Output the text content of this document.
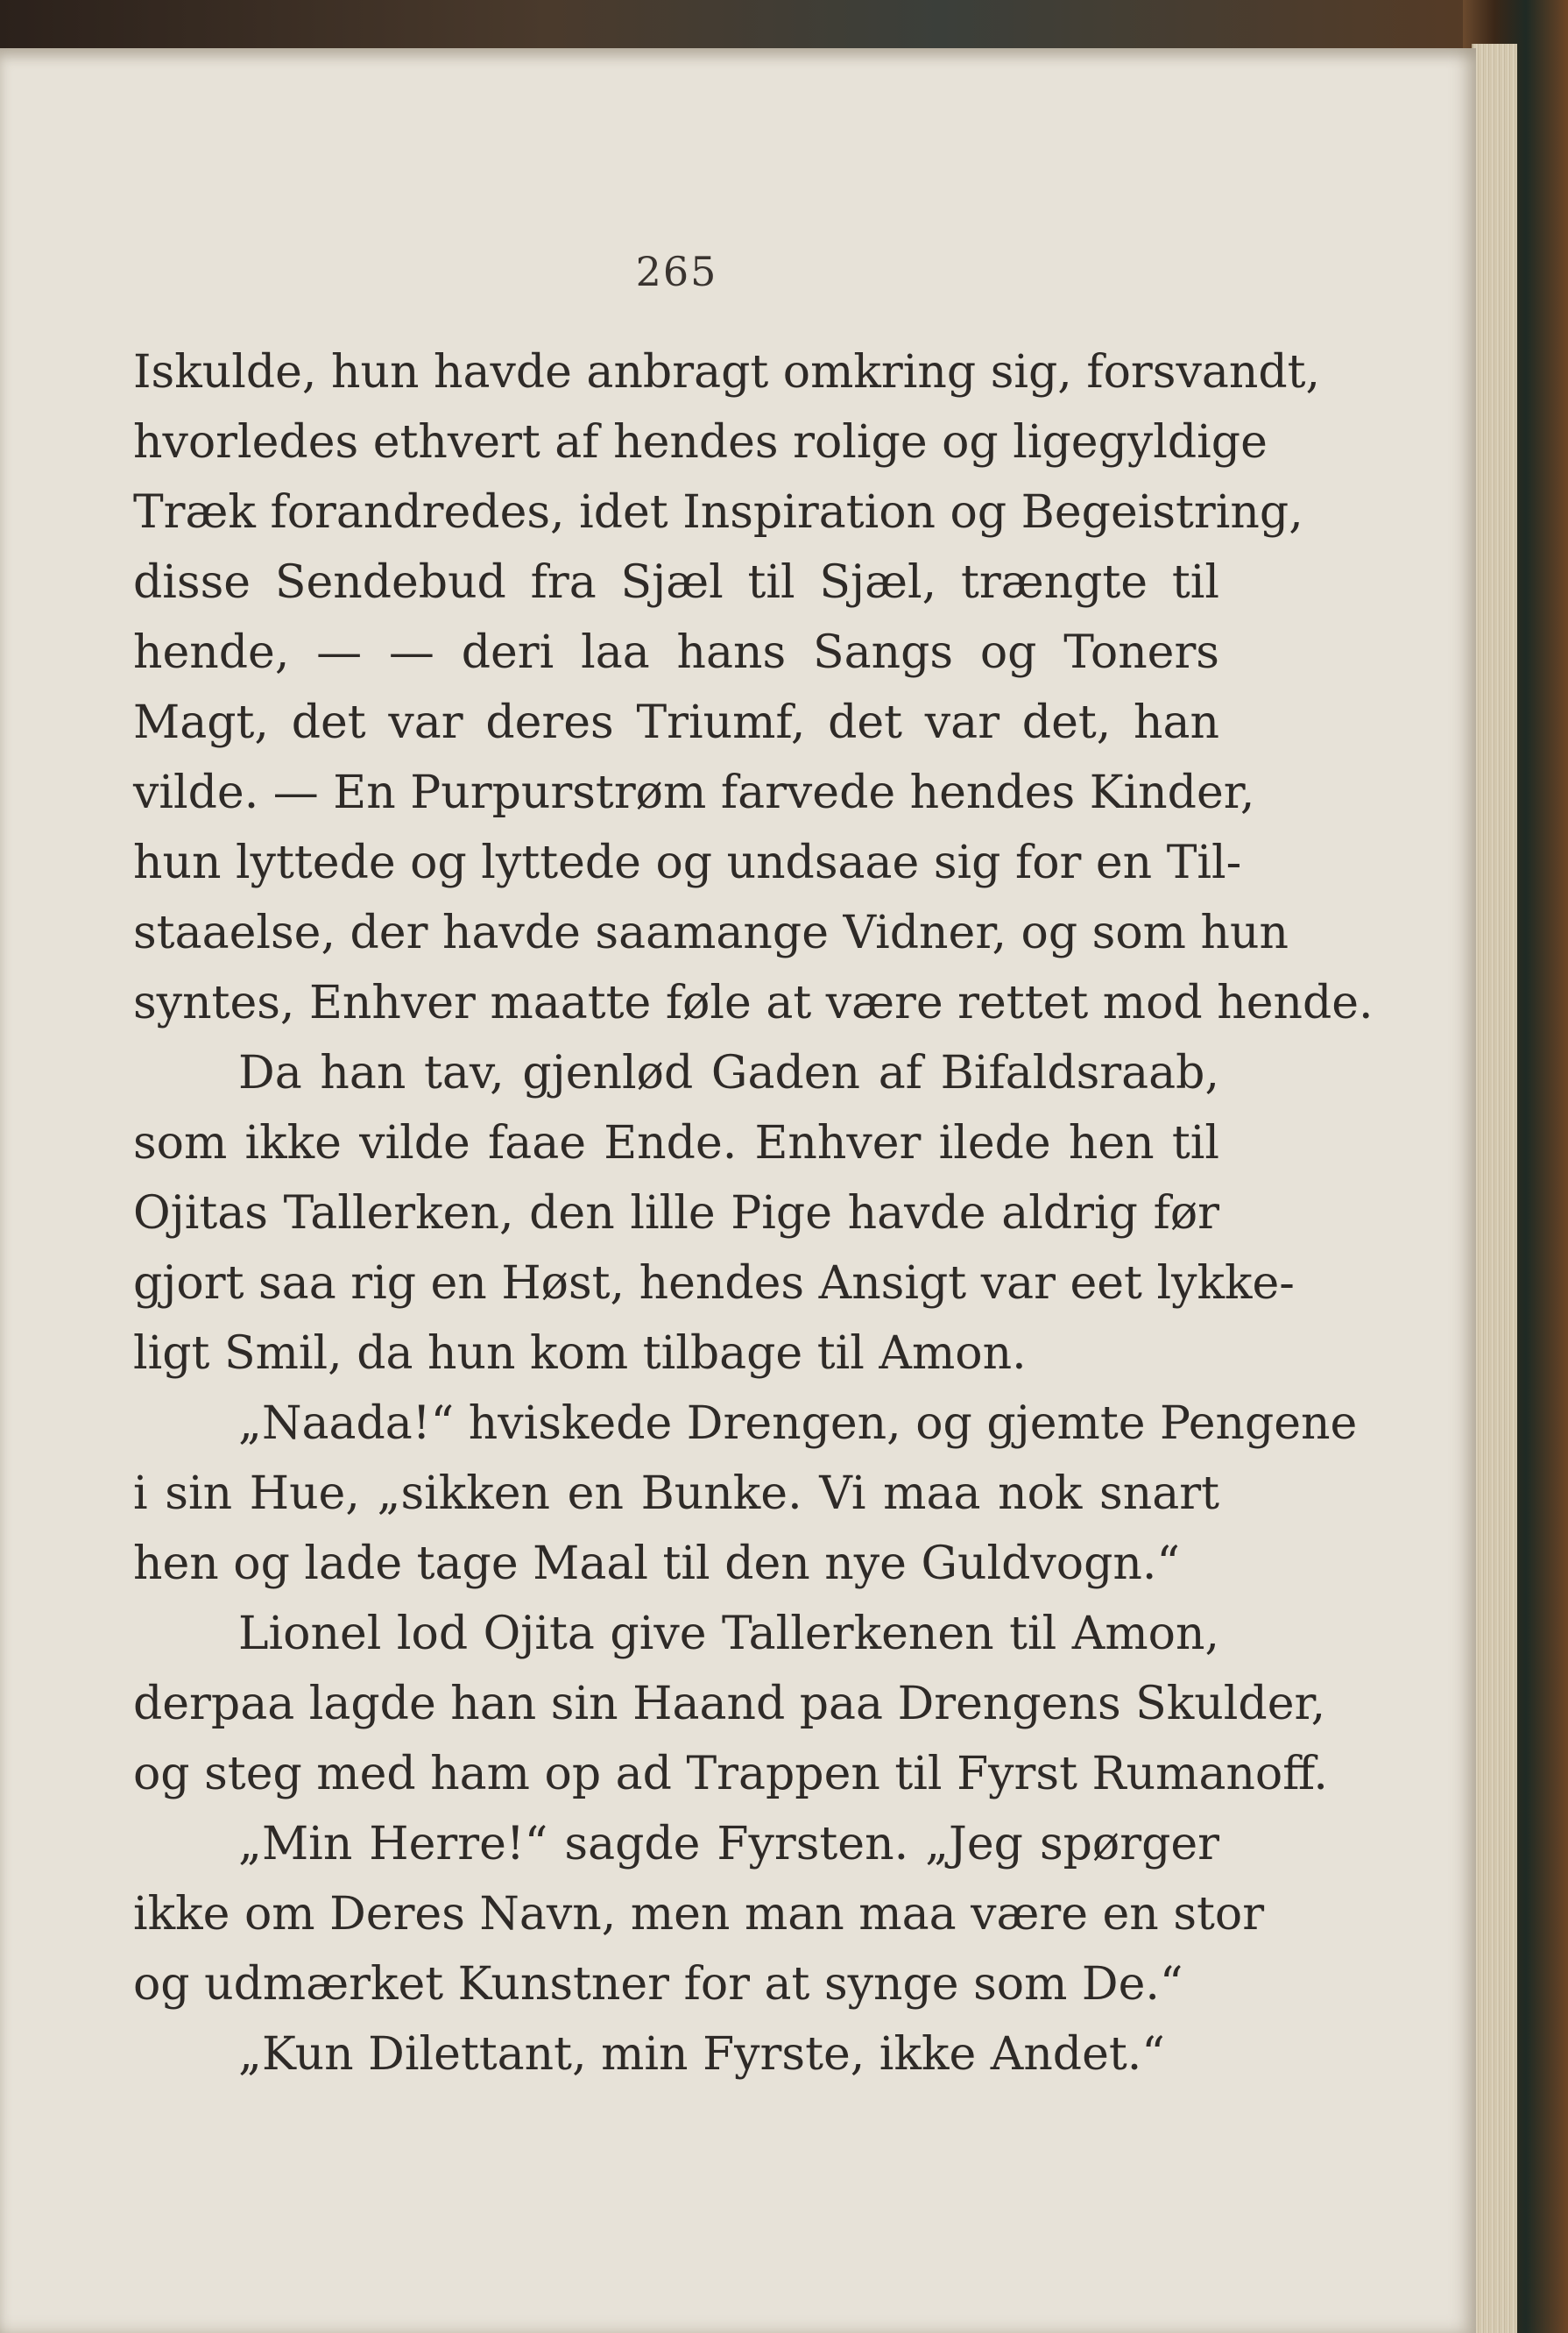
265
Iskulde, hun havde anbragt omkring sig, forsvandt,
hvorledes ethvert af hendes rolige og ligegyldige
Træk forandredes, idet Inspiration og Begeistring,
disse Sendebud fra Sjæl til Sjæl, trængte til
hende, — — deri laa hans Sangs og Toners
Magt, det var deres Triumf, det var det, han
vilde. — En Purpurstrøm farvede hendes Kinder,
hun lyttede og lyttede og undsaae sig for en Til-
staaelse, der havde saamange Vidner, og som hun
syntes, Enhver maatte føle at være rettet mod hende.
Da han tav, gjenlød Gaden af Bifaldsraab,
som ikke vilde faae Ende. Enhver ilede hen til
Ojitas Tallerken, den lille Pige havde aldrig før
gjort saa rig en Høst, hendes Ansigt var eet lykke-
ligt Smil, da hun kom tilbage til Amon.
„Naada!“ hviskede Drengen, og gjemte Pengene
i sin Hue, „sikken en Bunke. Vi maa nok snart
hen og lade tage Maal til den nye Guldvogn.“
Lionel lod Ojita give Tallerkenen til Amon,
derpaa lagde han sin Haand paa Drengens Skulder,
og steg med ham op ad Trappen til Fyrst Rumanoff.
„Min Herre!“ sagde Fyrsten. „Jeg spørger
ikke om Deres Navn, men man maa være en stor
og udmærket Kunstner for at synge som De.“
„Kun Dilettant, min Fyrste, ikke Andet.“
